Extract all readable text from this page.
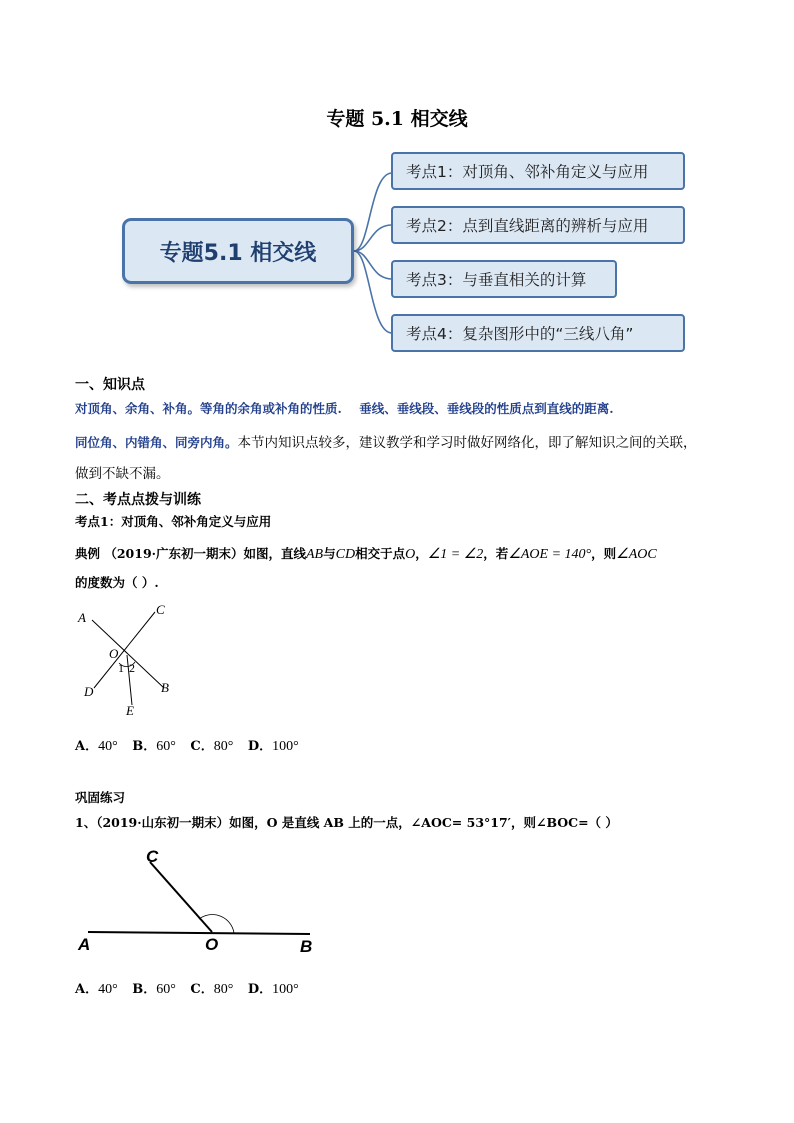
专题 5.1 相交线
专题5.1 相交线
考点1：对顶角、邻补角定义与应用
考点2：点到直线距离的辨析与应用
考点3：与垂直相关的计算
考点4：复杂图形中的“三线八角”
一、知识点
对顶角、余角、补角。等角的余角或补角的性质.    垂线、垂线段、垂线段的性质点到直线的距离.
同位角、内错角、同旁内角。本节内知识点较多，建议教学和学习时做好网络化，即了解知识之间的关联，
做到不缺不漏。
二、考点点拨与训练
考点1：对顶角、邻补角定义与应用
典例 （2019·广东初一期末）如图，直线AB与CD相交于点O，∠1 = ∠2，若∠AOE = 140°，则∠AOC
的度数为（ ）.
A
C
O
1 2
D	B
E
A．40° B．60° C．80° D．100°
巩固练习
1、（2019·山东初一期末）如图，O 是直线 AB 上的一点，∠AOC= 53°17′，则∠BOC=（ ）
C
A	O	B
A．40° B．60° C．80° D．100°
